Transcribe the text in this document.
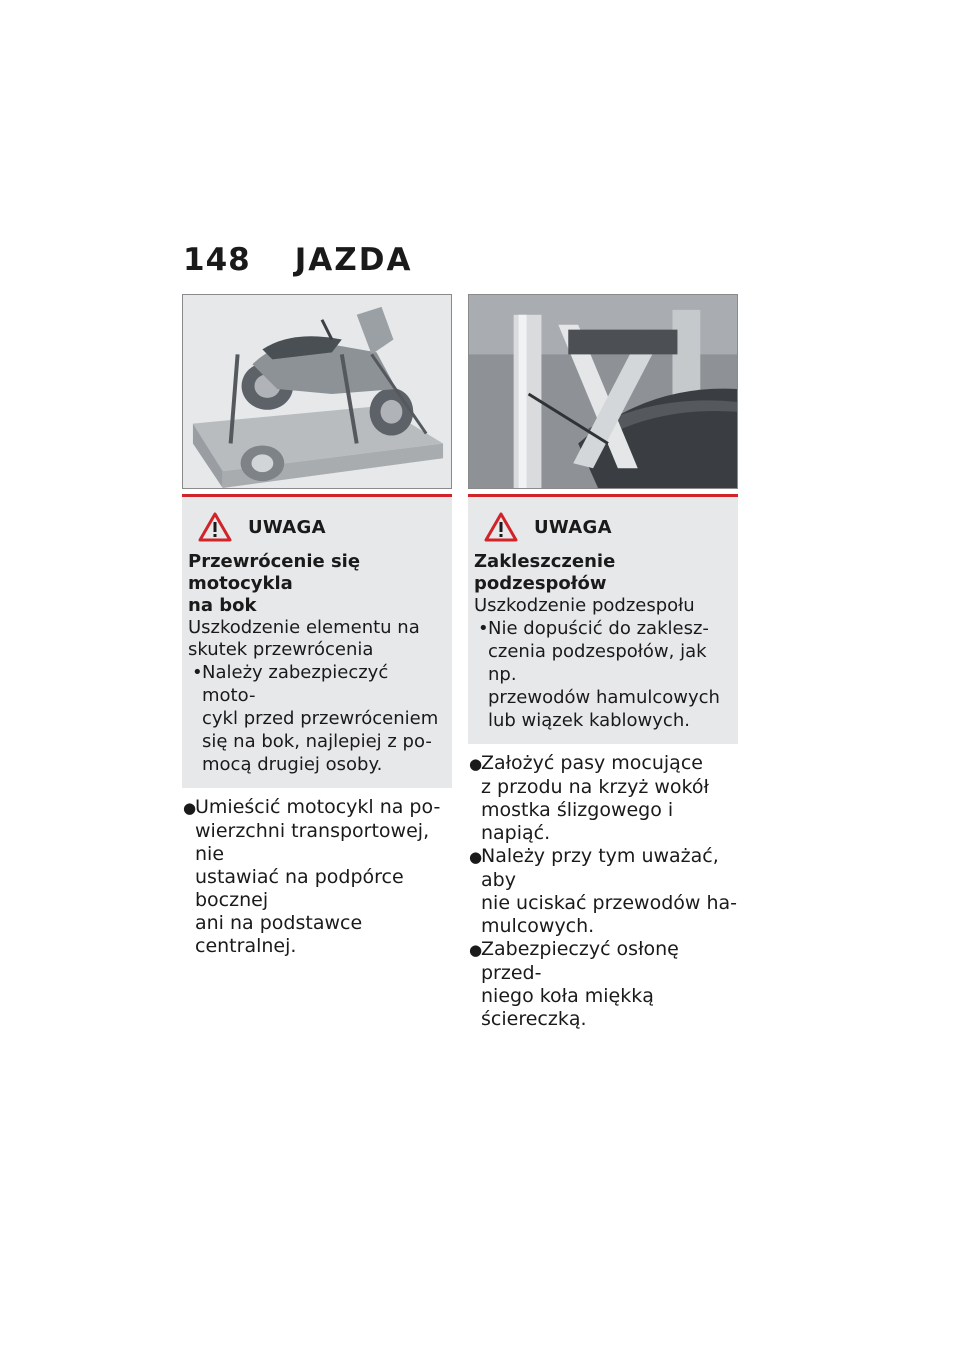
148 JAZDA
UWAGA
Przewrócenie się motocykla
na bok
Uszkodzenie elementu na
skutek przewrócenia
•Należy zabezpieczyć moto-
cykl przed przewróceniem
się na bok, najlepiej z po-
mocą drugiej osoby.
●Umieścić motocykl na po-
wierzchni transportowej, nie
ustawiać na podpórce bocznej
ani na podstawce centralnej.
UWAGA
Zakleszczenie podzespołów
Uszkodzenie podzespołu
•Nie dopuścić do zaklesz-
czenia podzespołów, jak np.
przewodów hamulcowych
lub wiązek kablowych.
●Założyć pasy mocujące
z przodu na krzyż wokół
mostka ślizgowego i napiąć.
●Należy przy tym uważać, aby
nie uciskać przewodów ha-
mulcowych.
●Zabezpieczyć osłonę przed-
niego koła miękką ściereczką.
